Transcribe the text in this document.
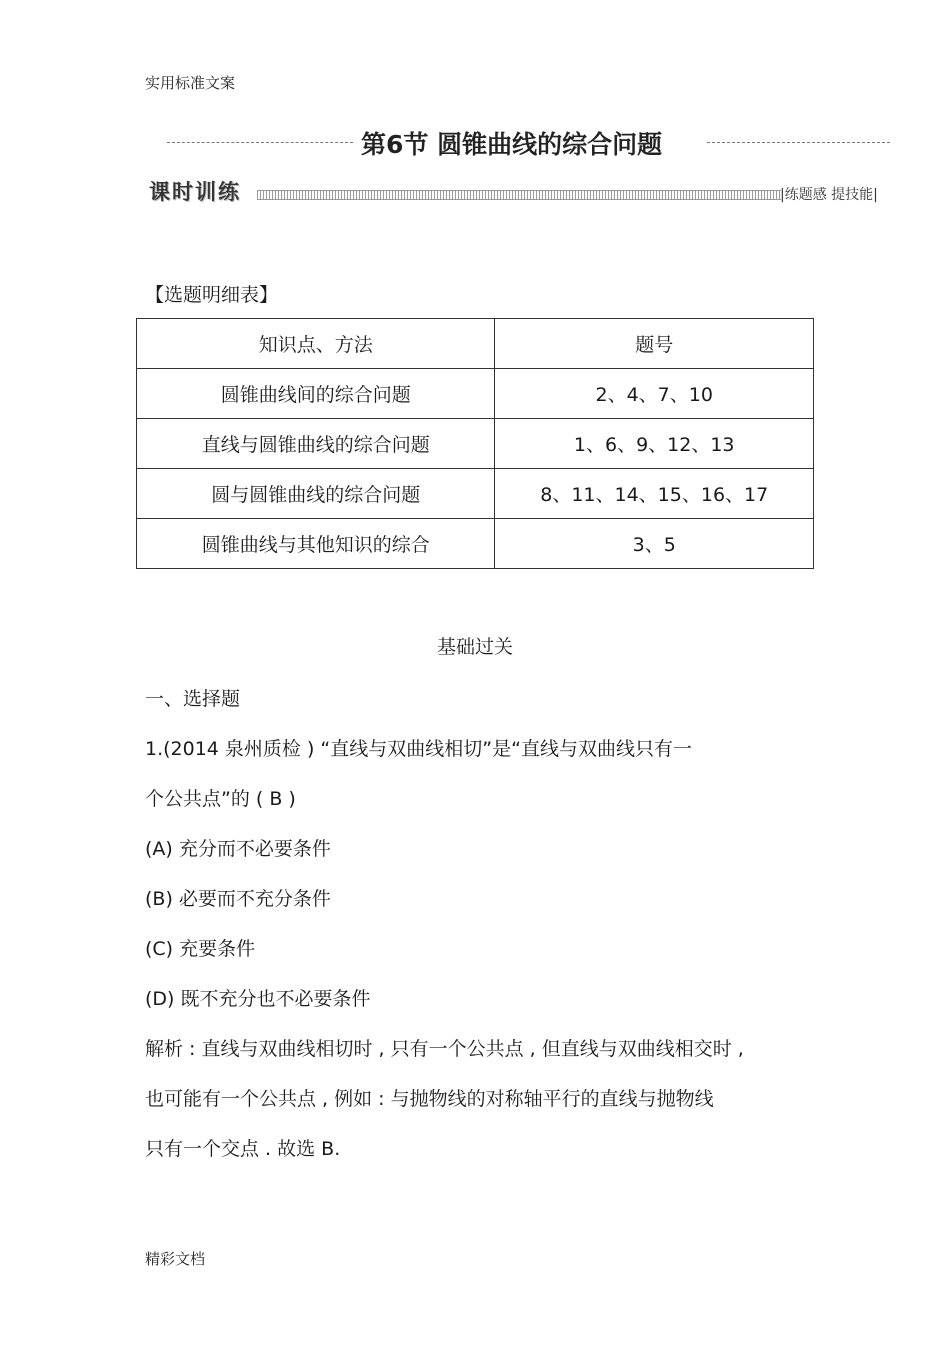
实用标准文案
第6节 圆锥曲线的综合问题
课时训练	|练题感 提技能|
【选题明细表】
知识点、方法	题号
圆锥曲线间的综合问题	2、4、7、10
直线与圆锥曲线的综合问题	1、6、9、12、13
圆与圆锥曲线的综合问题	8、11、14、15、16、17
圆锥曲线与其他知识的综合	3、5
基础过关
一、选择题
1.(2014 泉州质检 ) “直线与双曲线相切”是“直线与双曲线只有一
个公共点”的 ( B )
(A) 充分而不必要条件
(B) 必要而不充分条件
(C) 充要条件
(D) 既不充分也不必要条件
解析 : 直线与双曲线相切时 , 只有一个公共点 , 但直线与双曲线相交时 ,
也可能有一个公共点 , 例如 : 与抛物线的对称轴平行的直线与抛物线
只有一个交点 . 故选 B.
精彩文档
